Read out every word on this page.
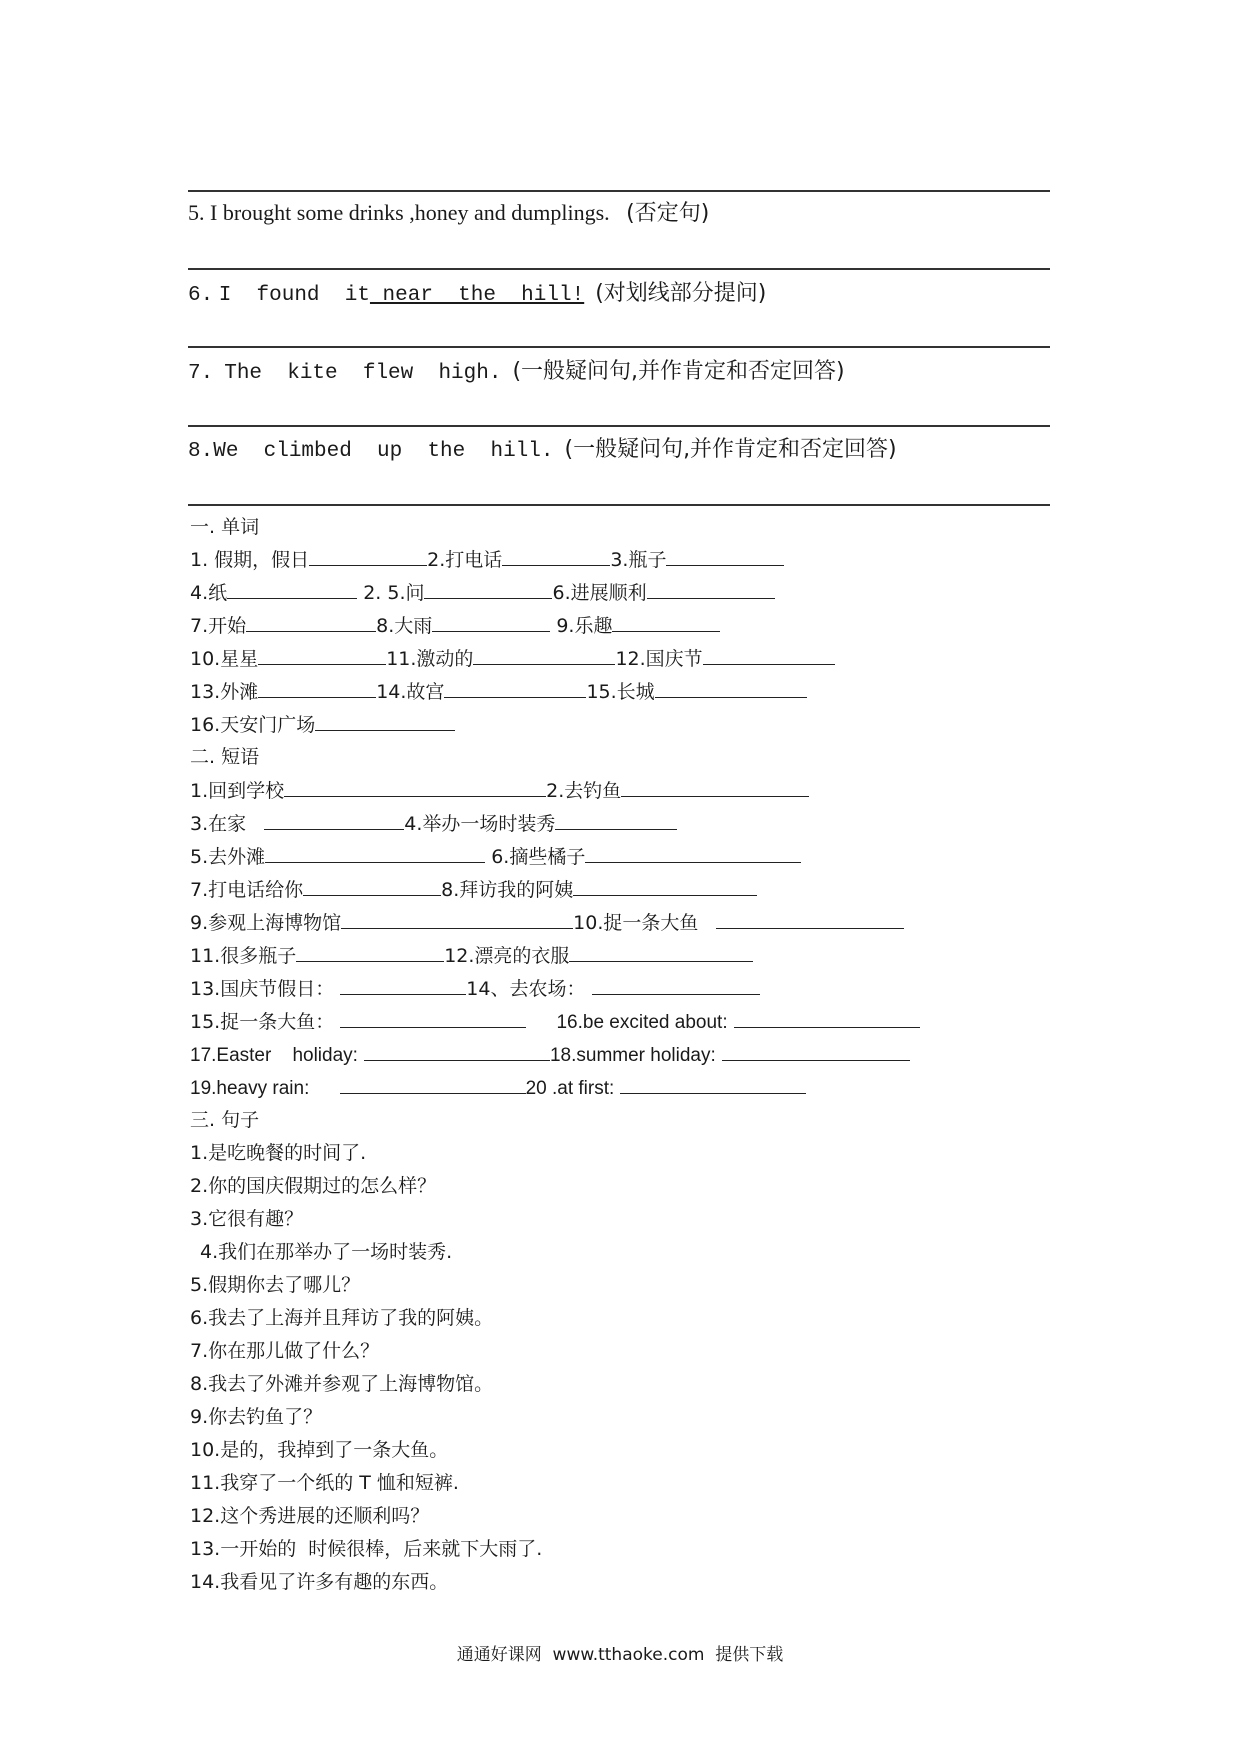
5. I brought some drinks ,honey and dumplings. (否定句)
6. I  found  it near  the  hill! (对划线部分提问)
7. The  kite  flew  high. (一般疑问句,并作肯定和否定回答)
8.We  climbed  up  the  hill. (一般疑问句,并作肯定和否定回答)
一. 单词
1. 假期，假日	2.打电话	3.瓶子
4.纸	2. 5.问	6.进展顺利
7.开始	8.大雨	9.乐趣
10.星星	11.激动的	12.国庆节
13.外滩	14.故宫	15.长城
16.天安门广场
二. 短语
1.回到学校	2.去钓鱼
3.在家	4.举办一场时装秀
5.去外滩	6.摘些橘子
7.打电话给你	8.拜访我的阿姨
9.参观上海博物馆	10.捉一条大鱼
11.很多瓶子	12.漂亮的衣服
13.国庆节假日：	14、去农场：
15.捉一条大鱼：	16.be excited about:
17.Easter    holiday:	18.summer holiday:
19.heavy rain:	20 .at first:
三. 句子
1.是吃晚餐的时间了.
2.你的国庆假期过的怎么样？
3.它很有趣？
4.我们在那举办了一场时装秀.
5.假期你去了哪儿？
6.我去了上海并且拜访了我的阿姨。
7.你在那儿做了什么？
8.我去了外滩并参观了上海博物馆。
9.你去钓鱼了？
10.是的，我掉到了一条大鱼。
11.我穿了一个纸的 T 恤和短裤.
12.这个秀进展的还顺利吗？
13.一开始的  时候很棒，后来就下大雨了.
14.我看见了许多有趣的东西。
通通好课网  www.tthaoke.com  提供下载
